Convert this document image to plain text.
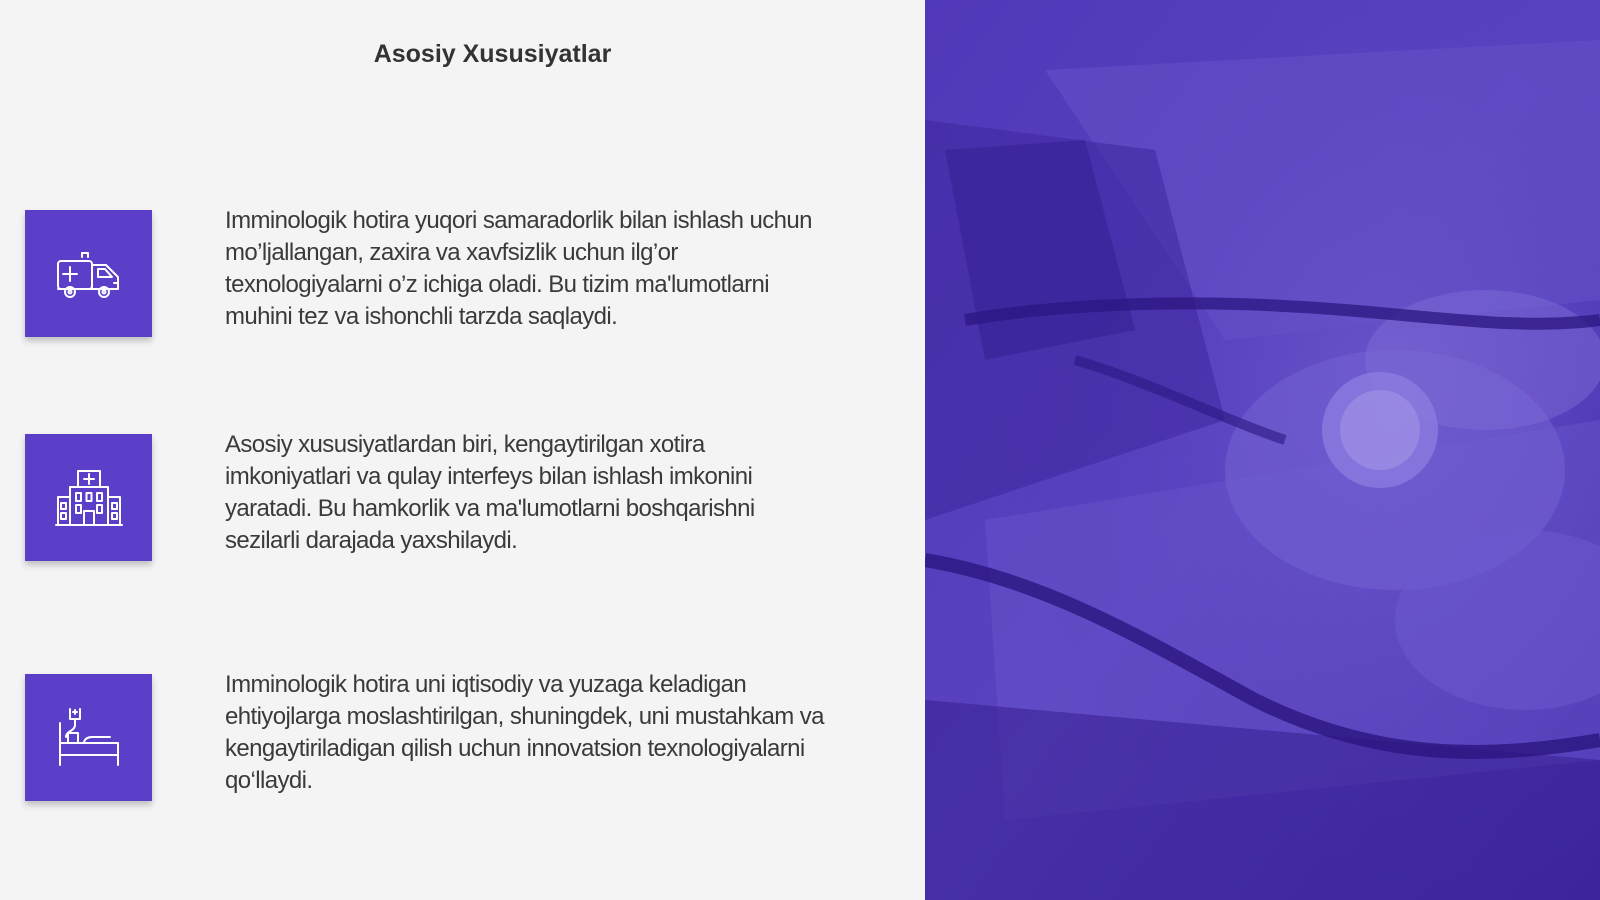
Asosiy Xususiyatlar

Imminologik hotira yuqori samaradorlik bilan ishlash uchun mo’ljallangan, zaxira va xavfsizlik uchun ilg’or texnologiyalarni o’z ichiga oladi. Bu tizim ma'lumotlarni muhini tez va ishonchli tarzda saqlaydi.

Asosiy xususiyatlardan biri, kengaytirilgan xotira imkoniyatlari va qulay interfeys bilan ishlash imkonini yaratadi. Bu hamkorlik va ma'lumotlarni boshqarishni sezilarli darajada yaxshilaydi.

Imminologik hotira uni iqtisodiy va yuzaga keladigan ehtiyojlarga moslashtirilgan, shuningdek, uni mustahkam va kengaytiriladigan qilish uchun innovatsion texnologiyalarni qo‘llaydi.
